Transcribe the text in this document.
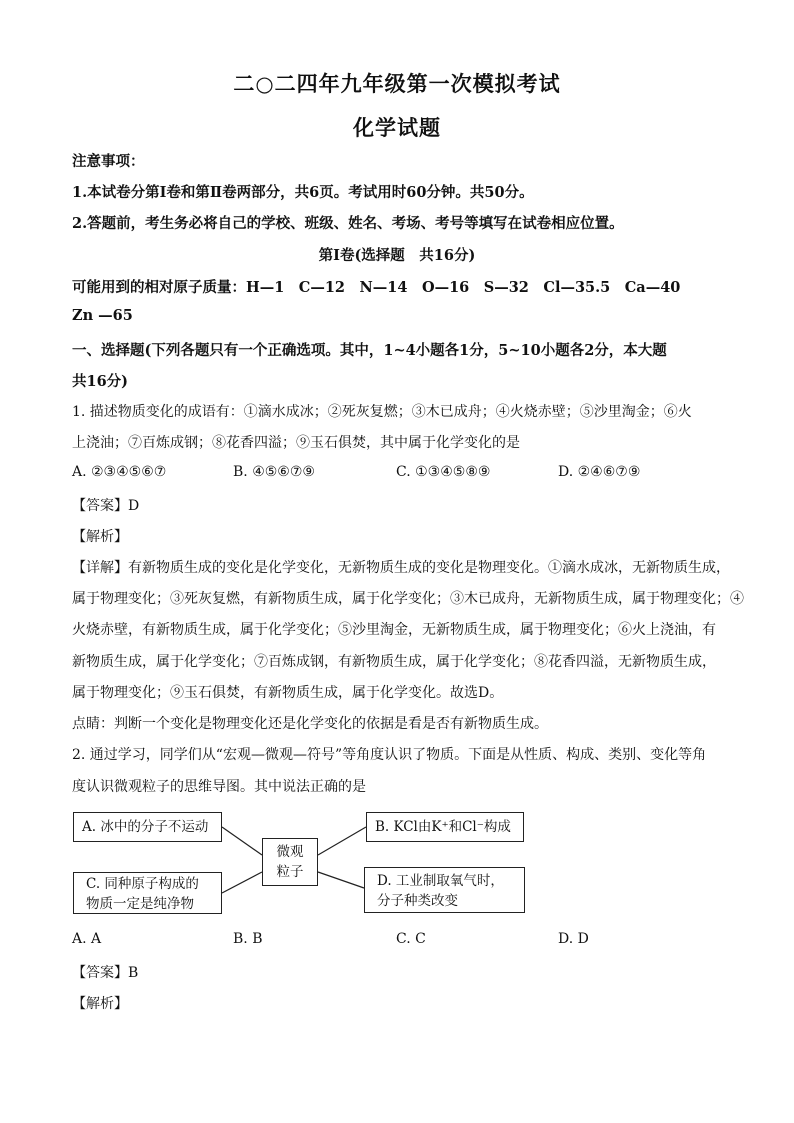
二○二四年九年级第一次模拟考试
化学试题
注意事项：
1.本试卷分第Ⅰ卷和第Ⅱ卷两部分，共6页。考试用时60分钟。共50分。
2.答题前，考生务必将自己的学校、班级、姓名、考场、考号等填写在试卷相应位置。
第Ⅰ卷(选择题　共16分)
可能用到的相对原子质量：H—1　C—12　N—14　O—16　S—32　Cl—35.5　Ca—40
Zn —65
一、选择题(下列各题只有一个正确选项。其中，1~4小题各1分，5~10小题各2分，本大题
共16分)
1. 描述物质变化的成语有：①滴水成冰；②死灰复燃；③木已成舟；④火烧赤壁；⑤沙里淘金；⑥火
上浇油；⑦百炼成钢；⑧花香四溢；⑨玉石俱焚，其中属于化学变化的是
A. ②③④⑤⑥⑦	B. ④⑤⑥⑦⑨	C. ①③④⑤⑧⑨	D. ②④⑥⑦⑨
【答案】D
【解析】
【详解】有新物质生成的变化是化学变化，无新物质生成的变化是物理变化。①滴水成冰，无新物质生成，
属于物理变化；③死灰复燃，有新物质生成，属于化学变化；③木已成舟，无新物质生成，属于物理变化；④
火烧赤壁，有新物质生成，属于化学变化；⑤沙里淘金，无新物质生成，属于物理变化；⑥火上浇油，有
新物质生成，属于化学变化；⑦百炼成钢，有新物质生成，属于化学变化；⑧花香四溢，无新物质生成，
属于物理变化；⑨玉石俱焚，有新物质生成，属于化学变化。故选D。
点睛：判断一个变化是物理变化还是化学变化的依据是看是否有新物质生成。
2. 通过学习，同学们从“宏观—微观—符号”等角度认识了物质。下面是从性质、构成、类别、变化等角
度认识微观粒子的思维导图。其中说法正确的是
A. 冰中的分子不运动	B. KCl由K⁺和Cl⁻构成
微观
粒子
C. 同种原子构成的
物质一定是纯净物
D. 工业制取氧气时，
分子种类改变
A. A	B. B	C. C	D. D
【答案】B
【解析】
